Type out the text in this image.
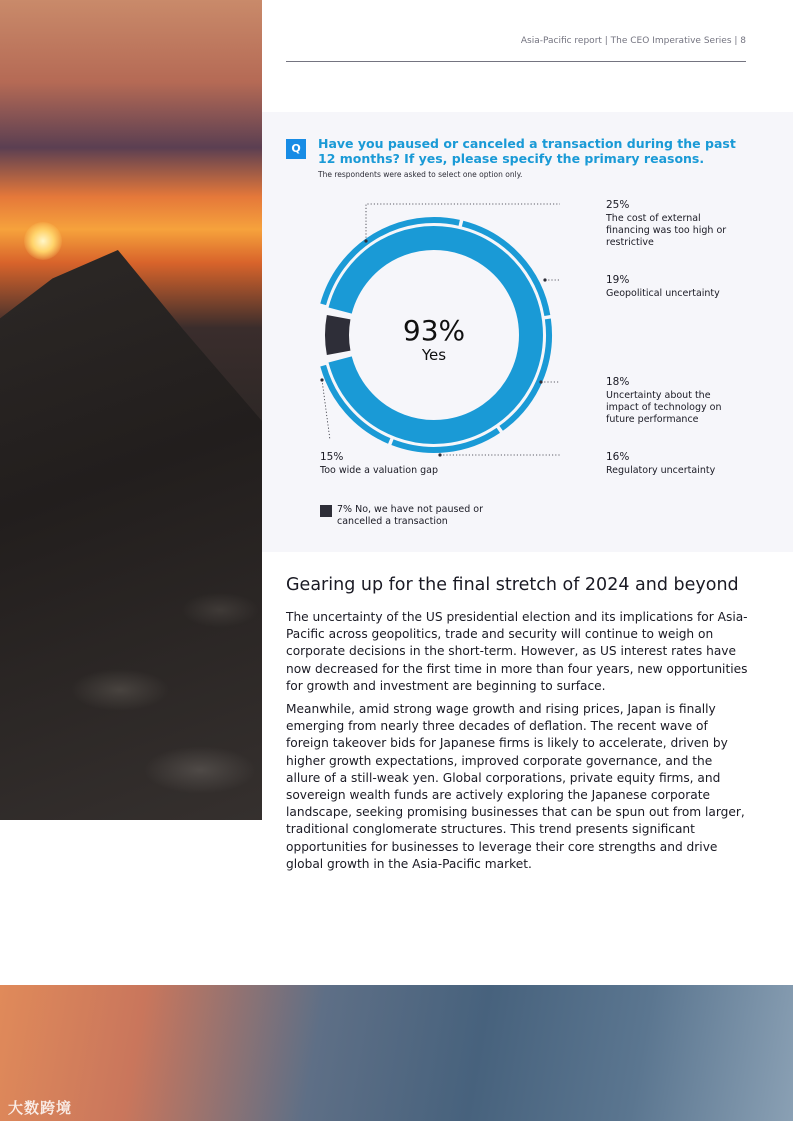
大数跨境
Asia-Pacific report | The CEO Imperative Series | 8
Q	Have you paused or canceled a transaction during the past
12 months? If yes, please specify the primary reasons.
The respondents were asked to select one option only.
93%
Yes
25%
The cost of external financing was too high or restrictive
19%
Geopolitical uncertainty
18%
Uncertainty about the impact of technology on future performance
16%
Regulatory uncertainty
15%
Too wide a valuation gap
7% No, we have not paused or cancelled a transaction
Gearing up for the final stretch of 2024 and beyond
The uncertainty of the US presidential election and its implications for Asia-Pacific across geopolitics, trade and security will continue to weigh on corporate decisions in the short-term. However, as US interest rates have now decreased for the first time in more than four years, new opportunities for growth and investment are beginning to surface.
Meanwhile, amid strong wage growth and rising prices, Japan is finally emerging from nearly three decades of deflation. The recent wave of foreign takeover bids for Japanese firms is likely to accelerate, driven by higher growth expectations, improved corporate governance, and the allure of a still-weak yen. Global corporations, private equity firms, and sovereign wealth funds are actively exploring the Japanese corporate landscape, seeking promising businesses that can be spun out from larger, traditional conglomerate structures. This trend presents significant opportunities for businesses to leverage their core strengths and drive global growth in the Asia-Pacific market.
